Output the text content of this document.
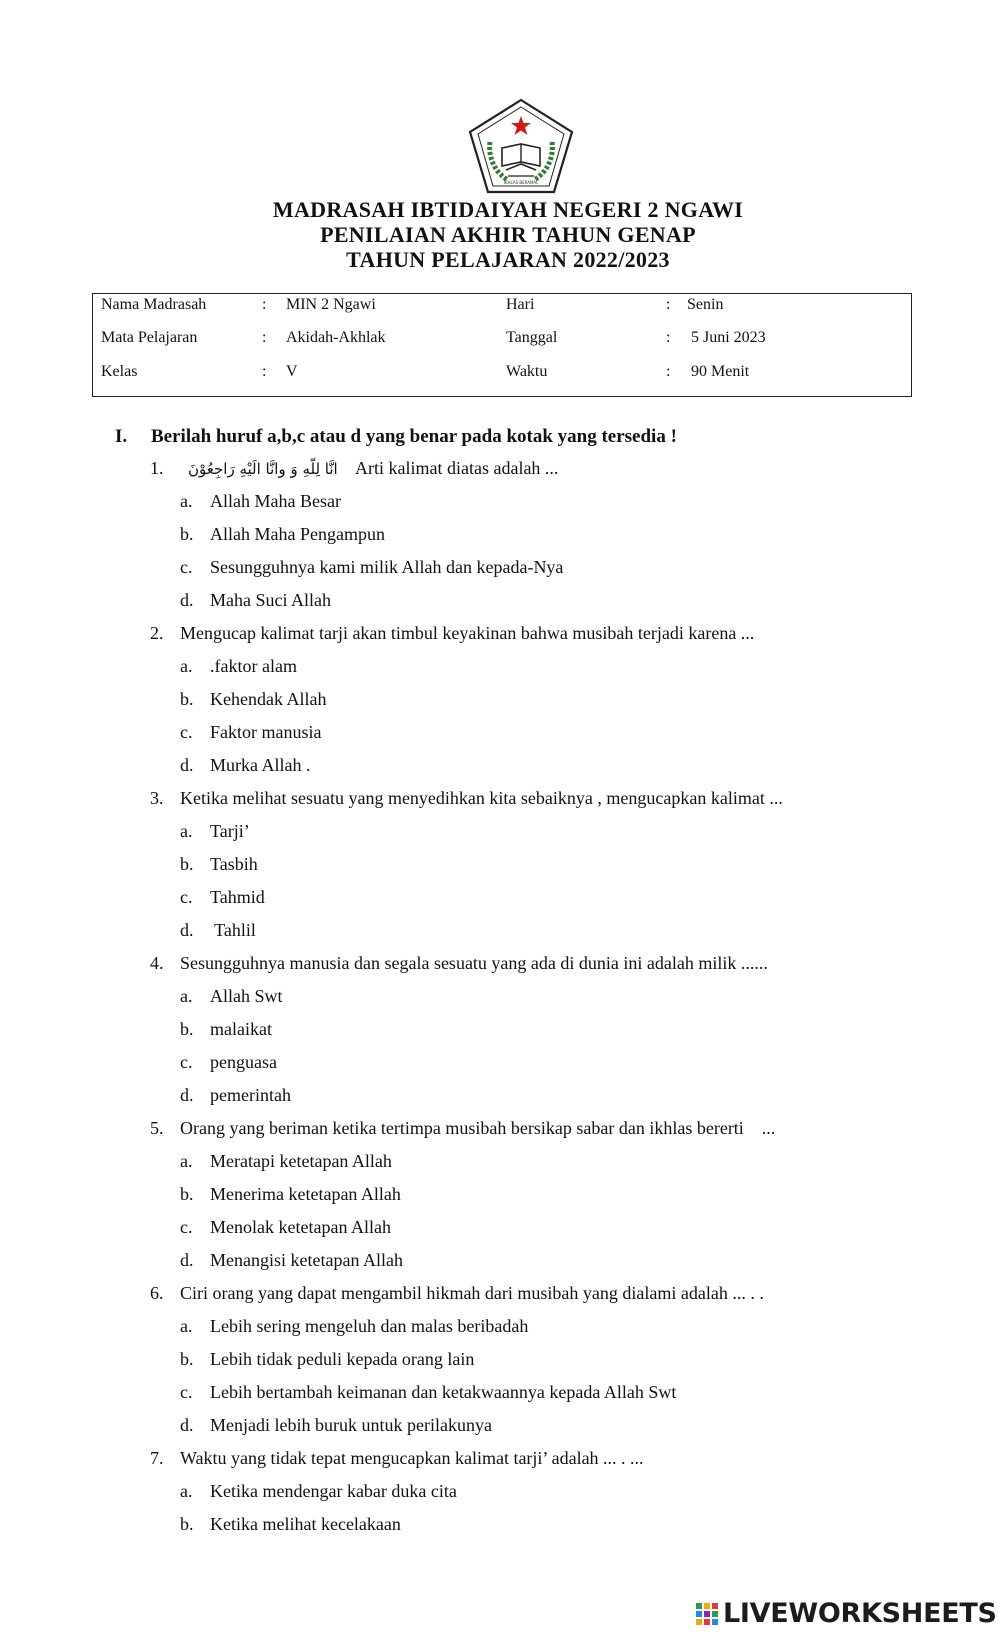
IKHLAS BERAMAL
MADRASAH IBTIDAIYAH NEGERI 2 NGAWI
PENILAIAN AKHIR TAHUN GENAP
TAHUN PELAJARAN 2022/2023
Nama Madrasah	: MIN 2 Ngawi	Hari	: Senin
Mata Pelajaran	: Akidah-Akhlak	Tanggal	: 5 Juni 2023
Kelas	: V	Waktu	: 90 Menit
I. Berilah huruf a,b,c atau d yang benar pada kotak yang tersedia !
1. انَّا لِلّهِ وَ وانَّا الَيْهِ رَاجِعُوْنَ Arti kalimat diatas adalah ...
a. Allah Maha Besar
b. Allah Maha Pengampun
c. Sesungguhnya kami milik Allah dan kepada-Nya
d. Maha Suci Allah
2. Mengucap kalimat tarji akan timbul keyakinan bahwa musibah terjadi karena ...
a. .faktor alam
b. Kehendak Allah
c. Faktor manusia
d. Murka Allah .
3. Ketika melihat sesuatu yang menyedihkan kita sebaiknya , mengucapkan kalimat ...
a. Tarji’
b. Tasbih
c. Tahmid
d. Tahlil
4. Sesungguhnya manusia dan segala sesuatu yang ada di dunia ini adalah milik ......
a. Allah Swt
b. malaikat
c. penguasa
d. pemerintah
5. Orang yang beriman ketika tertimpa musibah bersikap sabar dan ikhlas bererti    ...
a. Meratapi ketetapan Allah
b. Menerima ketetapan Allah
c. Menolak ketetapan Allah
d. Menangisi ketetapan Allah
6. Ciri orang yang dapat mengambil hikmah dari musibah yang dialami adalah ... . .
a. Lebih sering mengeluh dan malas beribadah
b. Lebih tidak peduli kepada orang lain
c. Lebih bertambah keimanan dan ketakwaannya kepada Allah Swt
d. Menjadi lebih buruk untuk perilakunya
7. Waktu yang tidak tepat mengucapkan kalimat tarji’ adalah ... . ...
a. Ketika mendengar kabar duka cita
b. Ketika melihat kecelakaan
LIVEWORKSHEETS
